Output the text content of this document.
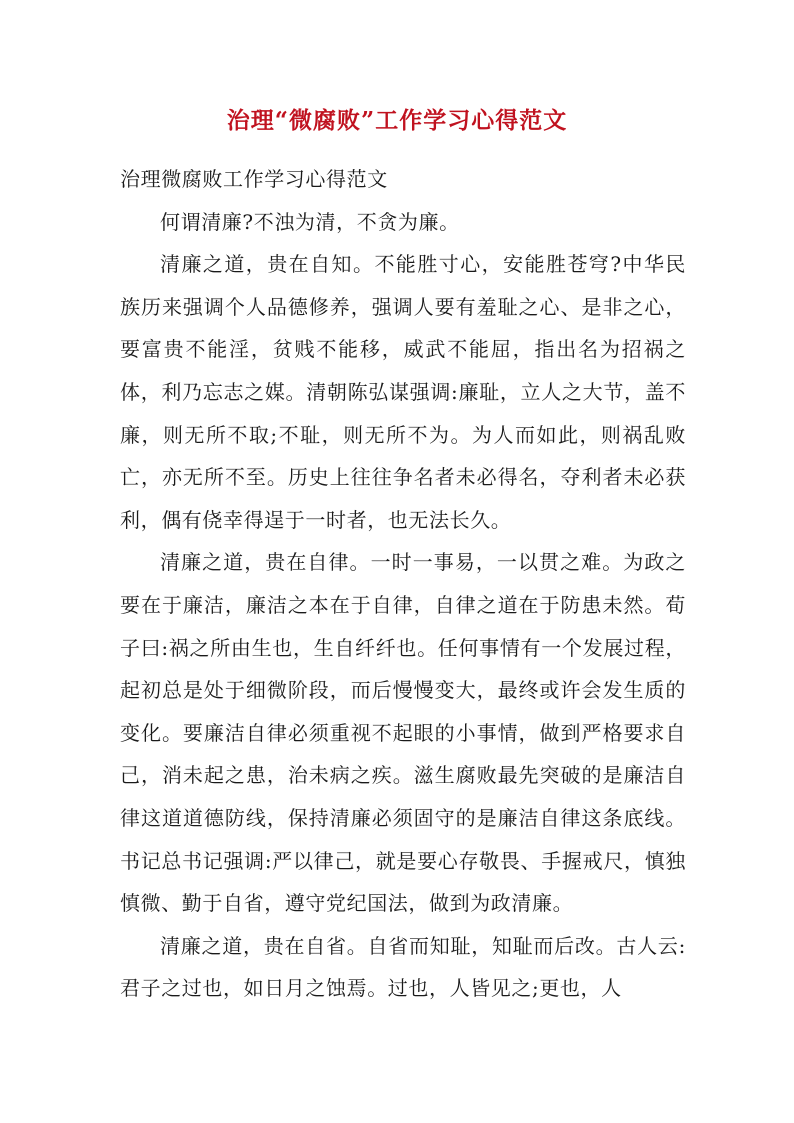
治理“微腐败”工作学习心得范文

治理微腐败工作学习心得范文

何谓清廉?不浊为清，不贪为廉。

清廉之道，贵在自知。不能胜寸心，安能胜苍穹?中华民族历来强调个人品德修养，强调人要有羞耻之心、是非之心，要富贵不能淫，贫贱不能移，威武不能屈，指出名为招祸之体，利乃忘志之媒。清朝陈弘谋强调:廉耻，立人之大节，盖不廉，则无所不取;不耻，则无所不为。为人而如此，则祸乱败亡，亦无所不至。历史上往往争名者未必得名，夺利者未必获利，偶有侥幸得逞于一时者，也无法长久。

清廉之道，贵在自律。一时一事易，一以贯之难。为政之要在于廉洁，廉洁之本在于自律，自律之道在于防患未然。荀子曰:祸之所由生也，生自纤纤也。任何事情有一个发展过程，起初总是处于细微阶段，而后慢慢变大，最终或许会发生质的变化。要廉洁自律必须重视不起眼的小事情，做到严格要求自己，消未起之患，治未病之疾。滋生腐败最先突破的是廉洁自律这道道德防线，保持清廉必须固守的是廉洁自律这条底线。书记总书记强调:严以律己，就是要心存敬畏、手握戒尺，慎独慎微、勤于自省，遵守党纪国法，做到为政清廉。

清廉之道，贵在自省。自省而知耻，知耻而后改。古人云:君子之过也，如日月之蚀焉。过也，人皆见之;更也，人
